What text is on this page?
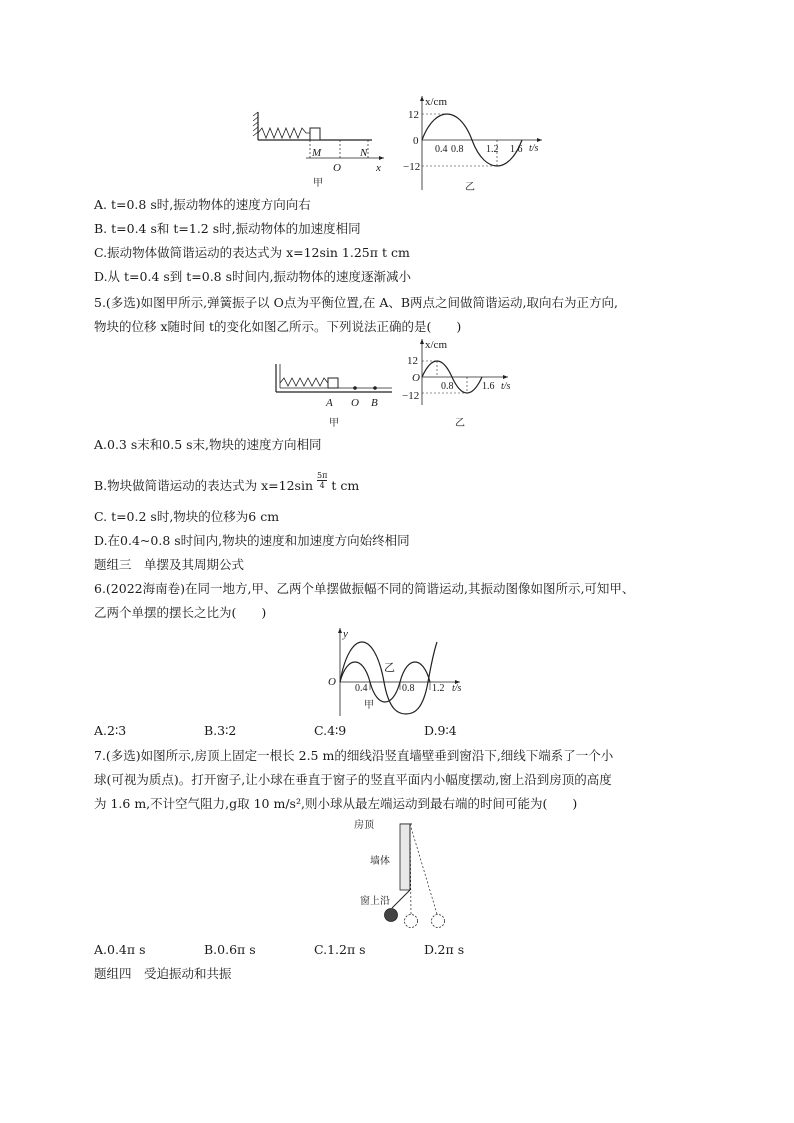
M	N
O	x
甲
x/cm
12
0
−12
0.4 0.8 1.2 1.6 t/s
乙
A. t=0.8 s时,振动物体的速度方向向右
B. t=0.4 s和 t=1.2 s时,振动物体的加速度相同
C.振动物体做简谐运动的表达式为 x=12sin 1.25π t cm
D.从 t=0.4 s到 t=0.8 s时间内,振动物体的速度逐渐减小
5.(多选)如图甲所示,弹簧振子以 O点为平衡位置,在 A、B两点之间做简谐运动,取向右为正方向,
物块的位移 x随时间 t的变化如图乙所示。下列说法正确的是(　　)
A O B
甲
x/cm
12
O
−12
0.8	1.6 t/s
乙
A.0.3 s末和0.5 s末,物块的速度方向相同
B.物块做简谐运动的表达式为 $x=12\sin \frac{5\pi}{4}$ t cm
C. t=0.2 s时,物块的位移为6 cm
D.在0.4~0.8 s时间内,物块的速度和加速度方向始终相同
题组三　单摆及其周期公式
6.(2022海南卷)在同一地方,甲、乙两个单摆做振幅不同的简谐运动,其振动图像如图所示,可知甲、
乙两个单摆的摆长之比为(　　)
y
O
0.4	0.8 1.2 t/s
乙
甲
A.2∶3	B.3∶2	C.4∶9	D.9∶4
7.(多选)如图所示,房顶上固定一根长 2.5 m的细线沿竖直墙壁垂到窗沿下,细线下端系了一个小
球(可视为质点)。打开窗子,让小球在垂直于窗子的竖直平面内小幅度摆动,窗上沿到房顶的高度
为 1.6 m,不计空气阻力,g取 10 m/s²,则小球从最左端运动到最右端的时间可能为(　　)
房顶
墙体
窗上沿
A.0.4π s	B.0.6π s	C.1.2π s	D.2π s
题组四　受迫振动和共振
